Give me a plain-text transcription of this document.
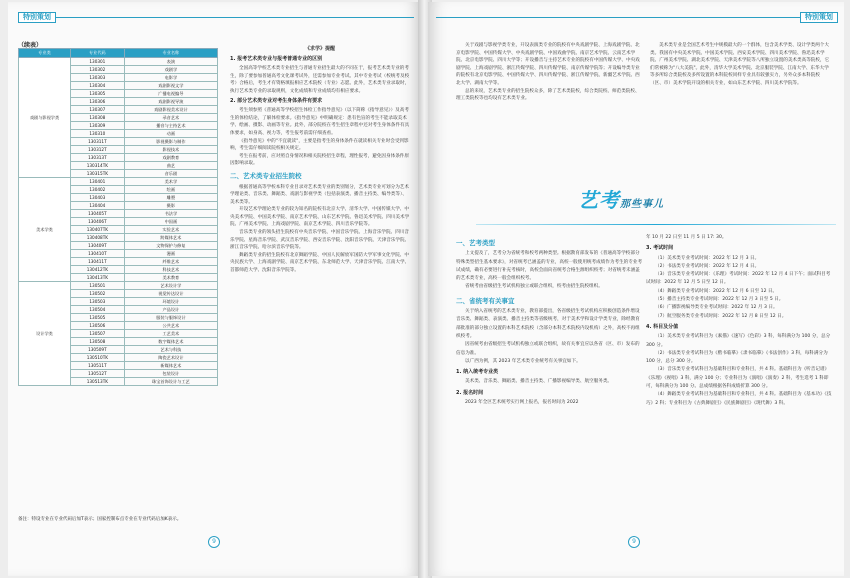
特别策划
（续表）
专业类	专业代码	专业名称
戏剧与影视学类	130301	表演
	130302	戏剧学
	130303	电影学
	130304	戏剧影视文学
	130305	广播电视编导
	130306	戏剧影视导演
	130307	戏剧影视美术设计
	130308	录音艺术
	130309	播音与主持艺术
	130310	动画
	130311T	影视摄影与制作
	130312T	影视技术
	130313T	戏剧教育
	130314TK	曲艺
	130315TK	音乐剧
美术学类	130401	美术学
	130402	绘画
	130403	雕塑
	130404	摄影
	130405T	书法学
	130406T	中国画
	130407TK	实验艺术
	130408TK	跨媒体艺术
	130409T	文物保护与修复
	130410T	漫画
	130411T	纤维艺术
	130412TK	科技艺术
	130413TK	美术教育
设计学类	130501	艺术设计学
	130502	视觉传达设计
	130503	环境设计
	130504	产品设计
	130505	服装与服饰设计
	130506	公共艺术
	130507	工艺美术
	130508	数字媒体艺术
	130509T	艺术与科技
	130510TK	陶瓷艺术设计
	130511T	新媒体艺术
	130512T	包装设计
	130513TK	珠宝首饰设计与工艺
备注：特设专业在专业代码后加T表示；国家控制布点专业在专业代码后加K表示。

《求学》提醒

1. 报考艺术类专业与报考普通专业的区别

全国高等学校艺术类专业招生与普通专业招生最大的不同在于，报考艺术类专业的考生，除了要参加普通高考文化课考试外，还需参加专业考试。其中专业考试（校统考及校考）合格后，考生才有资格填报相应艺术院校（专业）志愿。此外，艺术类专业录取时，执行艺术类专业的录取规则，文化成绩和专业成绩均有相应要求。

2. 部分艺术类专业对考生身体条件有要求

考生须参照《普通高等学校招生体检工作指导意见》（以下简称《指导意见》）及高考生的体检结论，了解体检要求。《指导意见》中明确规定：患有色盲的考生不能录取美术学、绘画、摄影、动画等专业。此外，部分院校在考生招生章程中还对考生身体条件有具体要求，如身高、视力等，考生报考前需仔细查看。

《指导意见》中的"不宜就读"，主要是指考生的身体条件在就读相关专业时会受到影响，考生需仔细阅读院校相关规定。

考生在报考前，应对照自身情况和相关院校招生章程，理性报考，避免因身体条件原因影响录取。

二、艺术类专业招生院校

根据普通高等学校本科专业目录对艺术类专业的类别划分，艺术类专业可划分为艺术学理论类、音乐类、舞蹈类、戏剧与影视学类（包括表演类、播音主持类、编导类等）、美术类等。

开设艺术学理论类专业的较为知名的院校有北京大学、清华大学、中国传媒大学、中央美术学院、中国美术学院、南京艺术学院、山东艺术学院、鲁迅美术学院、四川美术学院、广州美术学院、上海戏剧学院、南京艺术学院、四川音乐学院等。

音乐类专业的领头招生院校有中央音乐学院、中国音乐学院、上海音乐学院、四川音乐学院、星海音乐学院、武汉音乐学院、西安音乐学院、沈阳音乐学院、天津音乐学院、浙江音乐学院、哈尔滨音乐学院等。

舞蹈类专业的招生院校有北京舞蹈学院、中国人民解放军国防大学军事文化学院、中央民族大学、上海戏剧学院、南京艺术学院、东北师范大学、天津音乐学院、江南大学、首都师范大学、沈阳音乐学院等。

9
特别策划

关于戏剧与影视学类专业，开设表演类专业的院校有中央戏剧学院、上海戏剧学院、北京电影学院、中国传媒大学、中央戏剧学院、中国戏曲学院、南京艺术学院、云南艺术学院、北京电影学院、四川大学等；开设播音与主持艺术专业的院校有中国传媒大学、中央戏剧学院、上海戏剧学院、浙江传媒学院、四川传媒学院、南京传媒学院等；开设编导类专业的院校有北京电影学院、中国传媒大学、四川传媒学院、浙江传媒学院、新疆艺术学院、西北大学、湖南大学等。

总的来说，艺术类专业的招生院校众多，除了艺术类院校，综合类院校、师范类院校、理工类院校等也均设有艺术类专业。

美术类专业是全国艺术考生中规模最大的一个群体，包含美术学类、设计学类两个大类。我国有中央美术学院、中国美术学院、西安美术学院、四川美术学院、鲁迅美术学院、广州美术学院、湖北美术学院、天津美术学院等八所独立设置的美术类高等院校，它们常被称为"八大美院"。此外，清华大学美术学院、北京服装学院、江南大学、东华大学等多所综合类院校及多所设置的本科院校同样专业具有较强实力，另外众多本科院校（区、市）美术学院开设的相关专业，如山东艺术学院、四川美术学院等。

艺考那些事儿
一、艺考类型

上文提及了，艺考分为省统考和校考两种类型。根据教育部发布的《普通高等学校部分特殊类型招生基本要求》，对省统考已涵盖的专业，高校一般使用统考成绩作为考生的专业考试成绩，确有必要进行补充考核时，高校会面向省统考合格生源组织校考；对省统考未涵盖的艺术类专业，高校一般会组织校考。

省统考由省级招生考试机构独立或联合组织，校考由招生院校组织。

二、省统考有关事宜

关于纳入省统考的艺术类专业，教育部提出，各省级招生考试机构应积极创造条件增设音乐类、舞蹈类、表演类、播音主持类等省级统考，对于美术学和设计学类专业，除经教育部批准的部分独立设置的本科艺术院校（含部分本科艺术院校内设机构）之外，高校不再组织校考。

因省统考由省级招生考试机构独立或联合组织，故有关事宜应以各省（区、市）发布的信息为准。

以广西为例，其 2023 年艺术类专业统考有关事宜如下。

1. 纳入统考专业类

美术类、音乐类、舞蹈类、播音主持类、广播影视编导类、航空服务类。

2. 报名时间

2023 年全区艺术统考实行网上报名，报名时间为 2022

年 10 月 22 日至 11 月 5 日 17: 30。

3. 考试时间

（1）美术类专业考试时间：2022 年 12 月 3 日。

（2）书法类专业考试时间：2022 年 12 月 4 日。

（3）音乐类专业考试时间：《乐理》考试时间：2022 年 12 月 4 日下午；面试科目考试时间：2022 年 12 月 5 日至 12 日。

（4）舞蹈类专业考试时间：2022 年 12 月 6 日至 12 日。

（5）播音主持类专业考试时间：2022 年 12 月 3 日至 5 日。

（6）广播影视编导类专业考试时间：2022 年 12 月 3 日。

（7）航空服务类专业考试时间：2022 年 12 月 8 日至 12 日。

4. 科目及分值

（1）美术类专业考试科目为《素描》《速写》《色彩》3 科，每科满分为 100 分，总分 300 分。

（2）书法类专业考试科目为《楷书临摹》《隶书临摹》《书法创作》3 科，每科满分为 100 分，总分 300 分。

（3）音乐类专业考试科目为基础科目和专业科目，共 4 科。基础科目为《听音记谱》《乐理》《视唱》3 科，满分 100 分；专业科目为《演唱》《演奏》2 科，考生选考 1 科即可，每科满分为 100 分。总成绩根据各科成绩折算 300 分。

（4）舞蹈类专业考试科目为基础科目和专业科目，共 4 科。基础科目为《基本功》《技巧》2 科；专业科目为《古典舞剧目》《民族舞剧目》《现代舞》3 科。

9
